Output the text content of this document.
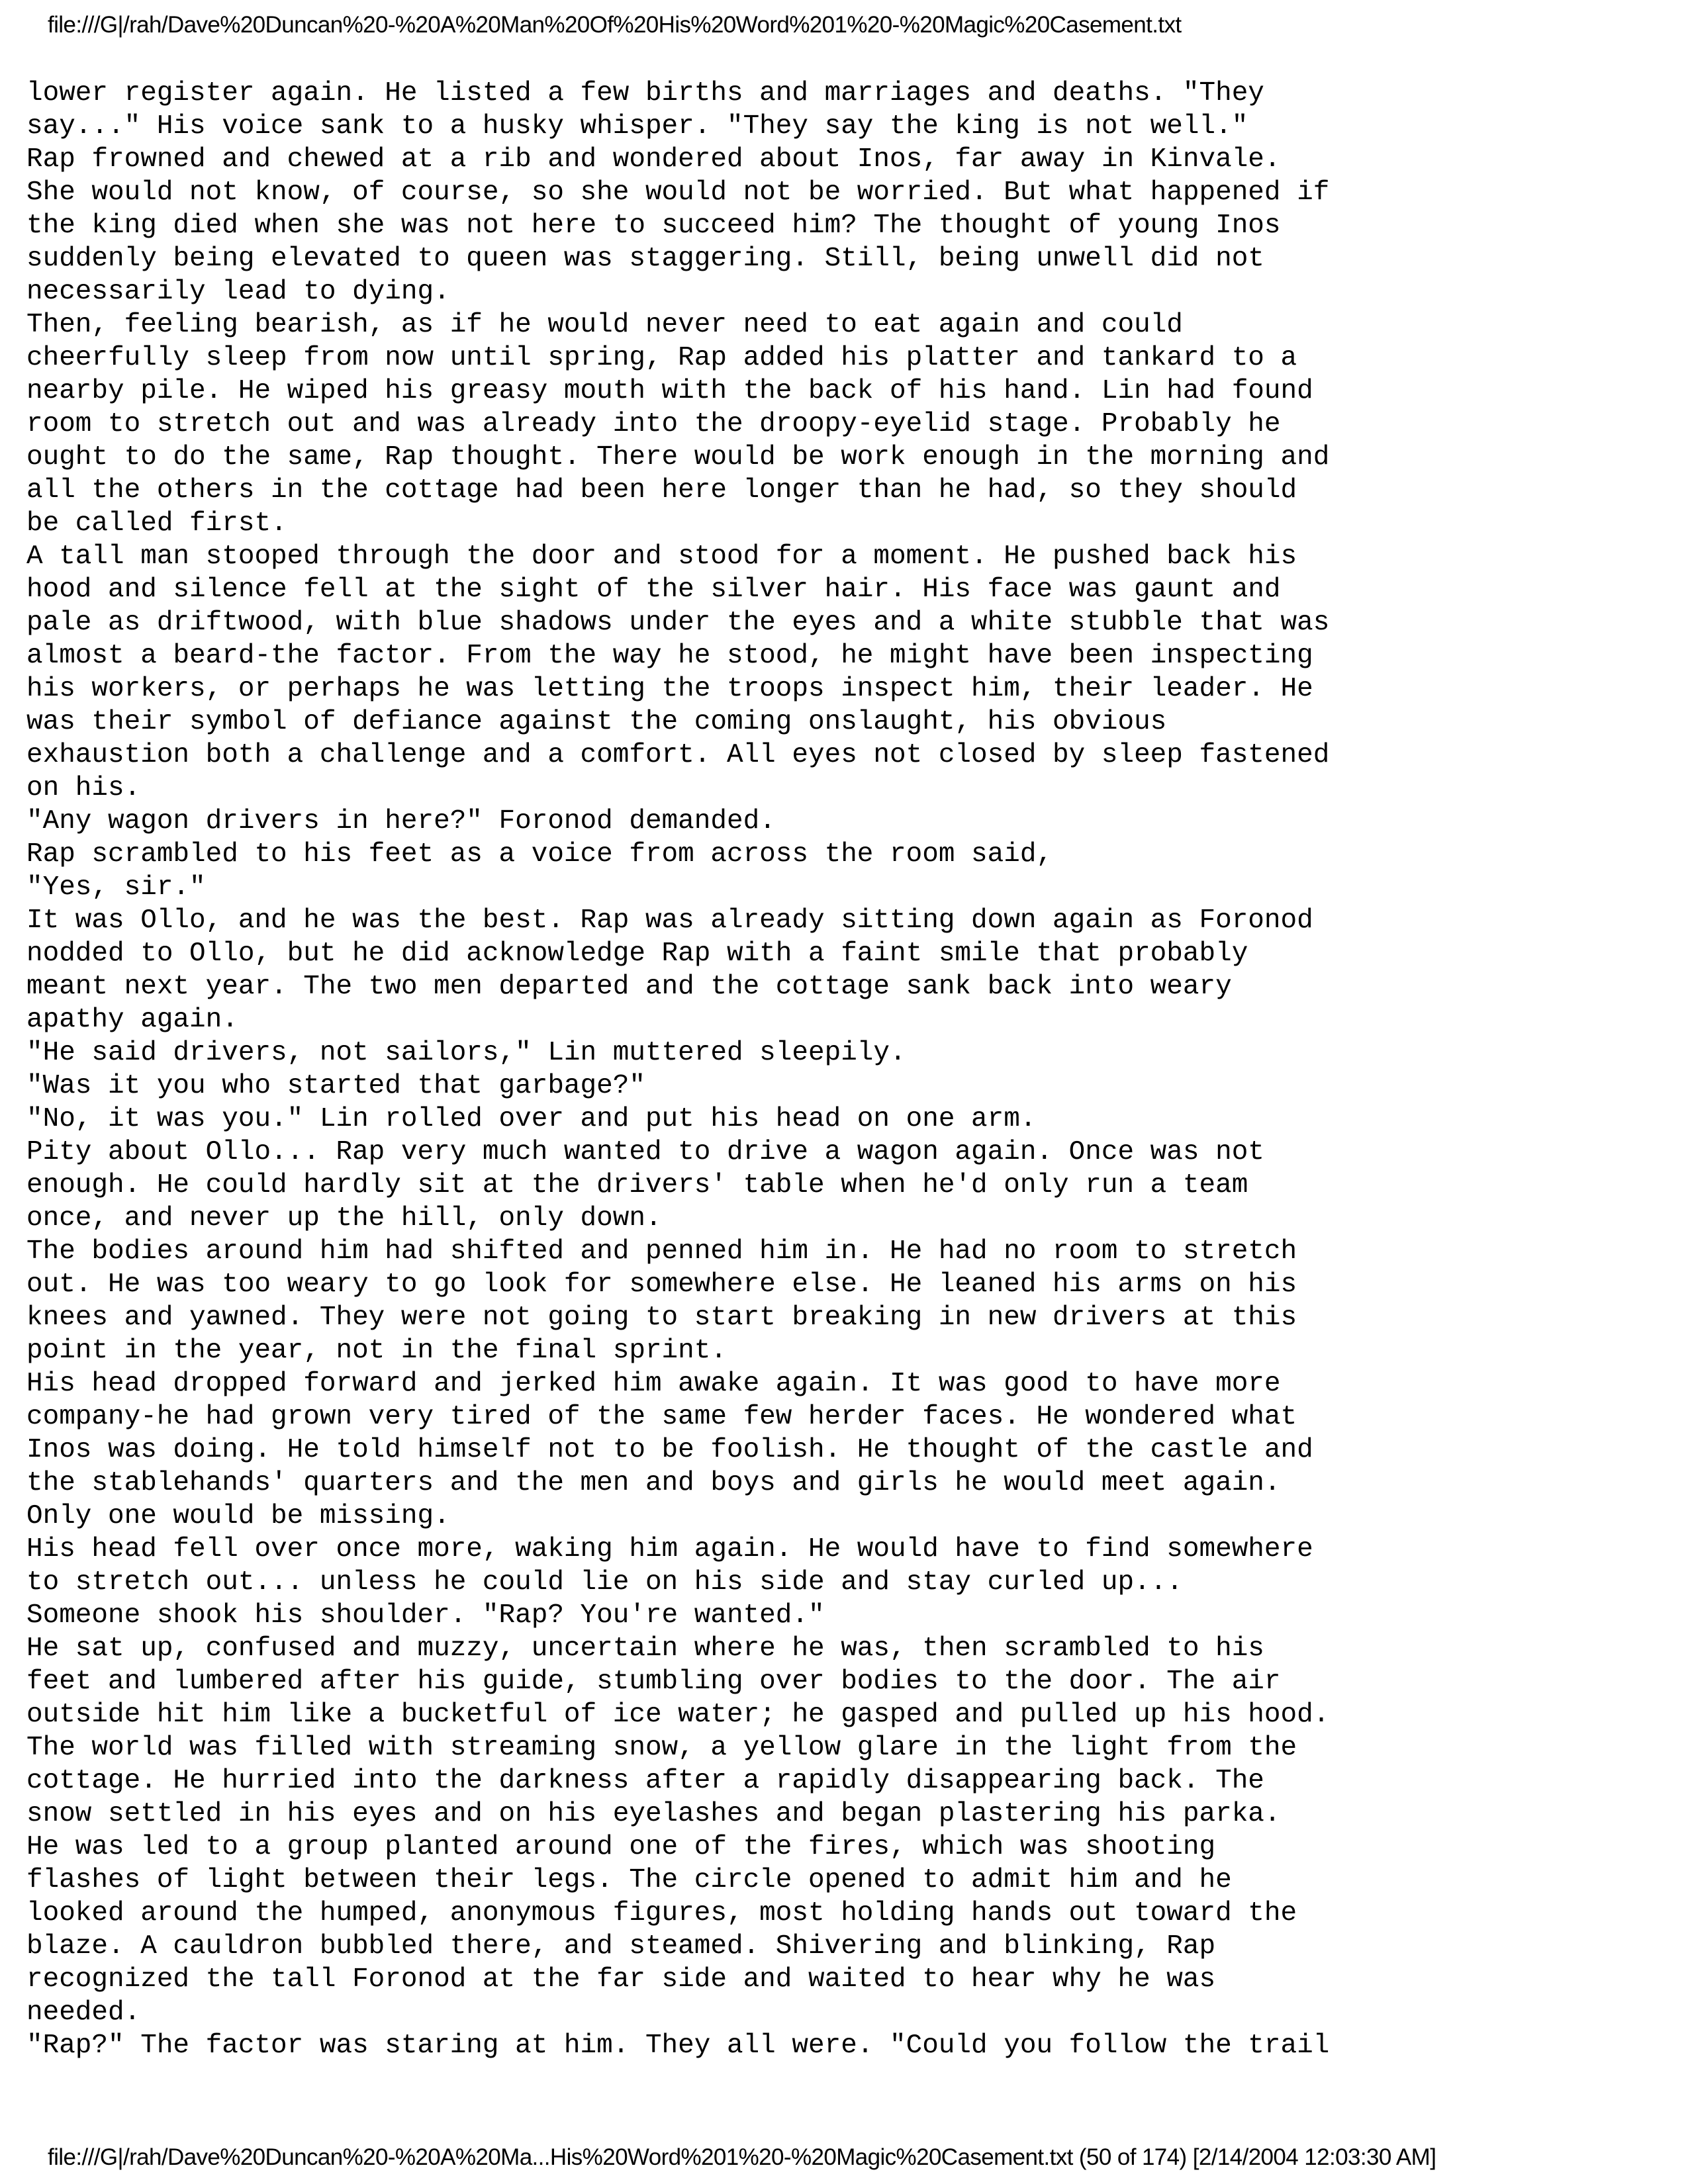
file:///G|/rah/Dave%20Duncan%20-%20A%20Man%20Of%20His%20Word%201%20-%20Magic%20Casement.txt
lower register again. He listed a few births and marriages and deaths. "They
say..." His voice sank to a husky whisper. "They say the king is not well."
Rap frowned and chewed at a rib and wondered about Inos, far away in Kinvale.
She would not know, of course, so she would not be worried. But what happened if
the king died when she was not here to succeed him? The thought of young Inos
suddenly being elevated to queen was staggering. Still, being unwell did not
necessarily lead to dying.
Then, feeling bearish, as if he would never need to eat again and could
cheerfully sleep from now until spring, Rap added his platter and tankard to a
nearby pile. He wiped his greasy mouth with the back of his hand. Lin had found
room to stretch out and was already into the droopy-eyelid stage. Probably he
ought to do the same, Rap thought. There would be work enough in the morning and
all the others in the cottage had been here longer than he had, so they should
be called first.
A tall man stooped through the door and stood for a moment. He pushed back his
hood and silence fell at the sight of the silver hair. His face was gaunt and
pale as driftwood, with blue shadows under the eyes and a white stubble that was
almost a beard-the factor. From the way he stood, he might have been inspecting
his workers, or perhaps he was letting the troops inspect him, their leader. He
was their symbol of defiance against the coming onslaught, his obvious
exhaustion both a challenge and a comfort. All eyes not closed by sleep fastened
on his.
"Any wagon drivers in here?" Foronod demanded.
Rap scrambled to his feet as a voice from across the room said,
"Yes, sir."
It was Ollo, and he was the best. Rap was already sitting down again as Foronod
nodded to Ollo, but he did acknowledge Rap with a faint smile that probably
meant next year. The two men departed and the cottage sank back into weary
apathy again.
"He said drivers, not sailors," Lin muttered sleepily.
"Was it you who started that garbage?"
"No, it was you." Lin rolled over and put his head on one arm.
Pity about Ollo... Rap very much wanted to drive a wagon again. Once was not
enough. He could hardly sit at the drivers' table when he'd only run a team
once, and never up the hill, only down.
The bodies around him had shifted and penned him in. He had no room to stretch
out. He was too weary to go look for somewhere else. He leaned his arms on his
knees and yawned. They were not going to start breaking in new drivers at this
point in the year, not in the final sprint.
His head dropped forward and jerked him awake again. It was good to have more
company-he had grown very tired of the same few herder faces. He wondered what
Inos was doing. He told himself not to be foolish. He thought of the castle and
the stablehands' quarters and the men and boys and girls he would meet again.
Only one would be missing.
His head fell over once more, waking him again. He would have to find somewhere
to stretch out... unless he could lie on his side and stay curled up...
Someone shook his shoulder. "Rap? You're wanted."
He sat up, confused and muzzy, uncertain where he was, then scrambled to his
feet and lumbered after his guide, stumbling over bodies to the door. The air
outside hit him like a bucketful of ice water; he gasped and pulled up his hood.
The world was filled with streaming snow, a yellow glare in the light from the
cottage. He hurried into the darkness after a rapidly disappearing back. The
snow settled in his eyes and on his eyelashes and began plastering his parka.
He was led to a group planted around one of the fires, which was shooting
flashes of light between their legs. The circle opened to admit him and he
looked around the humped, anonymous figures, most holding hands out toward the
blaze. A cauldron bubbled there, and steamed. Shivering and blinking, Rap
recognized the tall Foronod at the far side and waited to hear why he was
needed.
"Rap?" The factor was staring at him. They all were. "Could you follow the trail
file:///G|/rah/Dave%20Duncan%20-%20A%20Ma...His%20Word%201%20-%20Magic%20Casement.txt (50 of 174) [2/14/2004 12:03:30 AM]
